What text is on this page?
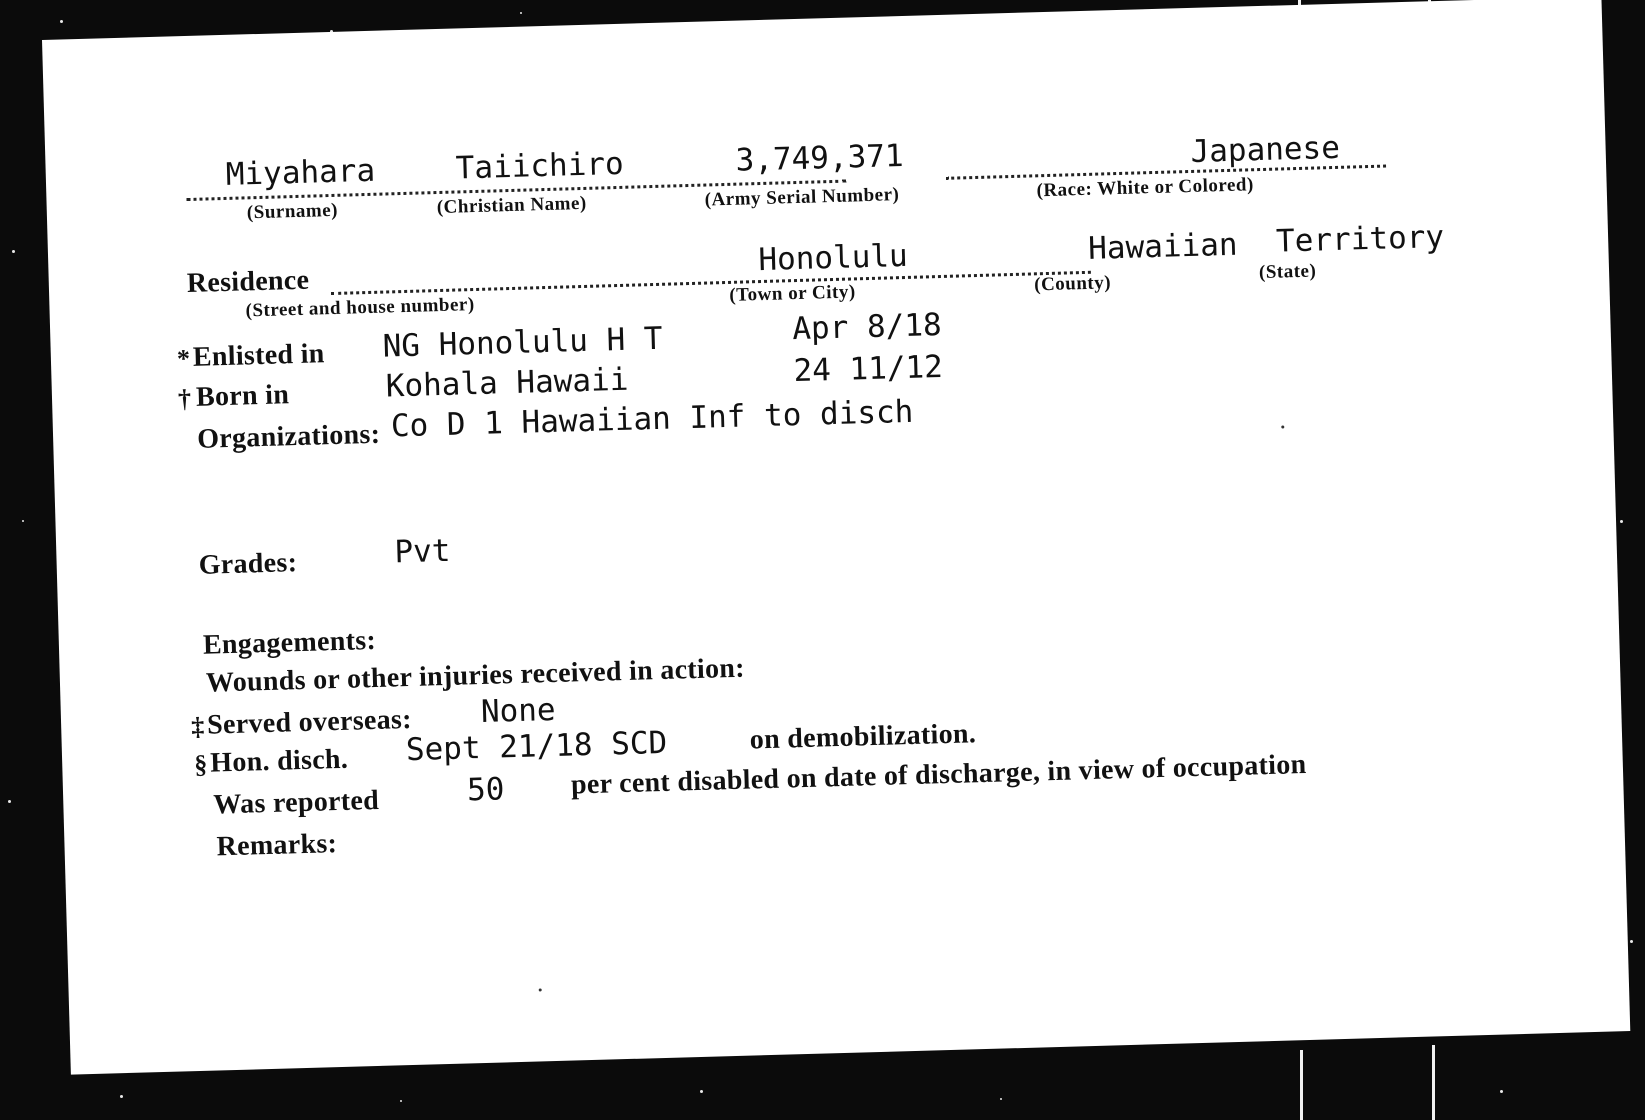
Miyahara
(Surname)
Taiichiro
(Christian Name)
3,749,371
(Army Serial Number)
Japanese
(Race: White or Colored)
Residence
(Street and house number)
Honolulu
(Town or City)
Hawaiian
(County)
Territory
(State)
* Enlisted in NG Honolulu H T	Apr 8/18
† Born in	Kohala Hawaii	24 11/12
Organizations: Co D 1 Hawaiian Inf to disch
Grades:	Pvt
Engagements:
Wounds or other injuries received in action:
‡ Served overseas: None
§ Hon. disch. Sept 21/18 SCD	on demobilization.
Was reported	50 per cent disabled on date of discharge, in view of occupation
Remarks:
